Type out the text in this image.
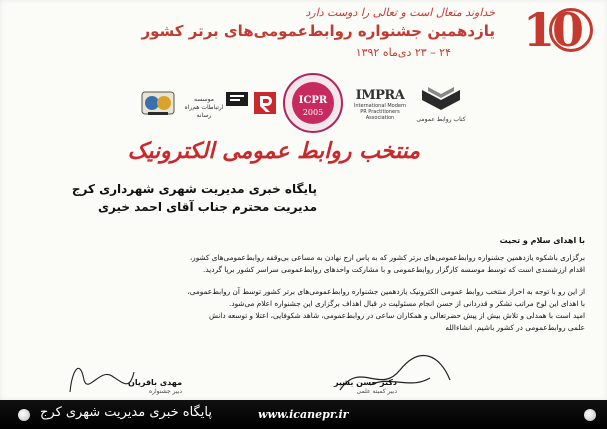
10
خداوند متعال است و تعالی را دوست دارد
یازدهمین جشنواره روابط‌عمومی‌های برتر کشور
۲۴ – ۲۳ دی‌ماه ۱۳۹۲
موسسه ارتباطات هم‌راه رسانه
ICPR
2005
IMPRA
International Modern PR Practitioners Association	کتاب روابط عمومی
منتخب روابط عمومی الکترونیک
پایگاه خبری مدیریت شهری شهرداری کرج
مدیریت محترم جناب آقای احمد خیری
با اهدای سلام و تحیت
برگزاری باشکوه یازدهمین جشنواره روابط‌عمومی‌های برتر کشور که به پاس ارج نهادن به مساعی بی‌وقفه روابط‌عمومی‌های کشور،
اقدام ارزشمندی است که توسط موسسه کارگزار روابط‌عمومی و با مشارکت واحدهای روابط‌عمومی سراسر کشور برپا گردید.
از این رو با توجه به احراز منتخب روابط عمومی الکترونیک یازدهمین جشنواره روابط‌عمومی‌های برتر کشور توسط آن روابط‌عمومی،
با اهدای این لوح مراتب تشکر و قدردانی از حسن انجام مسئولیت در قبال اهداف برگزاری این جشنواره اعلام می‌شود.
امید است با همدلی و تلاش بیش از پیش حضرتعالی و همکاران ساعی در روابط‌عمومی، شاهد شکوفایی، اعتلا و توسعه دانش
علمی روابط‌عمومی در کشور باشیم. انشاءالله
دکتر حسن بشیر
دبیر کمیته علمی
مهدی باقریان
دبیر جشنواره
پایگاه خبری مدیریت شهری کرج	www.icanepr.ir
